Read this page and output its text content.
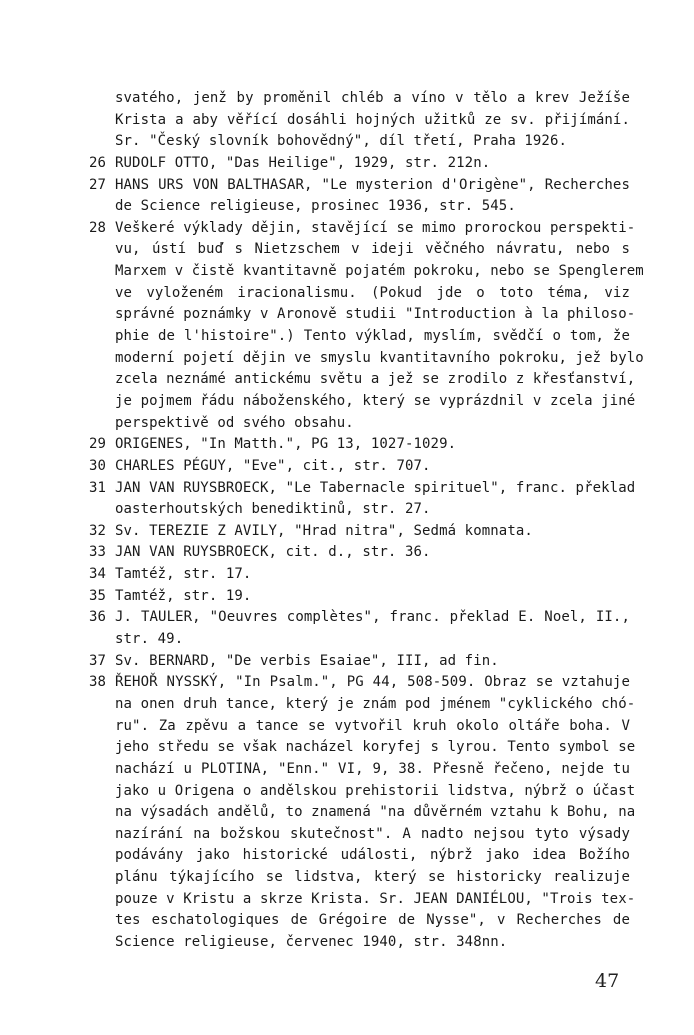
svatého, jenž by proměnil chléb a víno v tělo a krev Ježíše
Krista a aby věřící dosáhli hojných užitků ze sv. přijímání.
Sr. "Český slovník bohovědný", díl třetí, Praha 1926.
26 RUDOLF OTTO, "Das Heilige", 1929, str. 212n.
27 HANS URS VON BALTHASAR, "Le mysterion d'Origène", Recherches
de Science religieuse, prosinec 1936, str. 545.
28 Veškeré výklady dějin, stavějící se mimo prorockou perspekti-
vu, ústí buď s Nietzschem v ideji věčného návratu, nebo s
Marxem v čistě kvantitavně pojatém pokroku, nebo se Spenglerem
ve vyloženém iracionalismu. (Pokud jde o toto téma, viz
správné poznámky v Aronově studii "Introduction à la philoso-
phie de l'histoire".) Tento výklad, myslím, svědčí o tom, že
moderní pojetí dějin ve smyslu kvantitavního pokroku, jež bylo
zcela neznámé antickému světu a jež se zrodilo z křesťanství,
je pojmem řádu náboženského, který se vyprázdnil v zcela jiné
perspektivě od svého obsahu.
29 ORIGENES, "In Matth.", PG 13, 1027-1029.
30 CHARLES PÉGUY, "Eve", cit., str. 707.
31 JAN VAN RUYSBROECK, "Le Tabernacle spirituel", franc. překlad
oasterhoutských benediktinů, str. 27.
32 Sv. TEREZIE Z AVILY, "Hrad nitra", Sedmá komnata.
33 JAN VAN RUYSBROECK, cit. d., str. 36.
34 Tamtéž, str. 17.
35 Tamtéž, str. 19.
36 J. TAULER, "Oeuvres complètes", franc. překlad E. Noel, II.,
str. 49.
37 Sv. BERNARD, "De verbis Esaiae", III, ad fin.
38 ŘEHOŘ NYSSKÝ, "In Psalm.", PG 44, 508-509. Obraz se vztahuje
na onen druh tance, který je znám pod jménem "cyklického chó-
ru". Za zpěvu a tance se vytvořil kruh okolo oltáře boha. V
jeho středu se však nacházel koryfej s lyrou. Tento symbol se
nachází u PLOTINA, "Enn." VI, 9, 38. Přesně řečeno, nejde tu
jako u Origena o andělskou prehistorii lidstva, nýbrž o účast
na výsadách andělů, to znamená "na důvěrném vztahu k Bohu, na
nazírání na božskou skutečnost". A nadto nejsou tyto výsady
podávány jako historické události, nýbrž jako idea Božího
plánu týkajícího se lidstva, který se historicky realizuje
pouze v Kristu a skrze Krista. Sr. JEAN DANIÉLOU, "Trois tex-
tes eschatologiques de Grégoire de Nysse", v Recherches de
Science religieuse, červenec 1940, str. 348nn.
47
